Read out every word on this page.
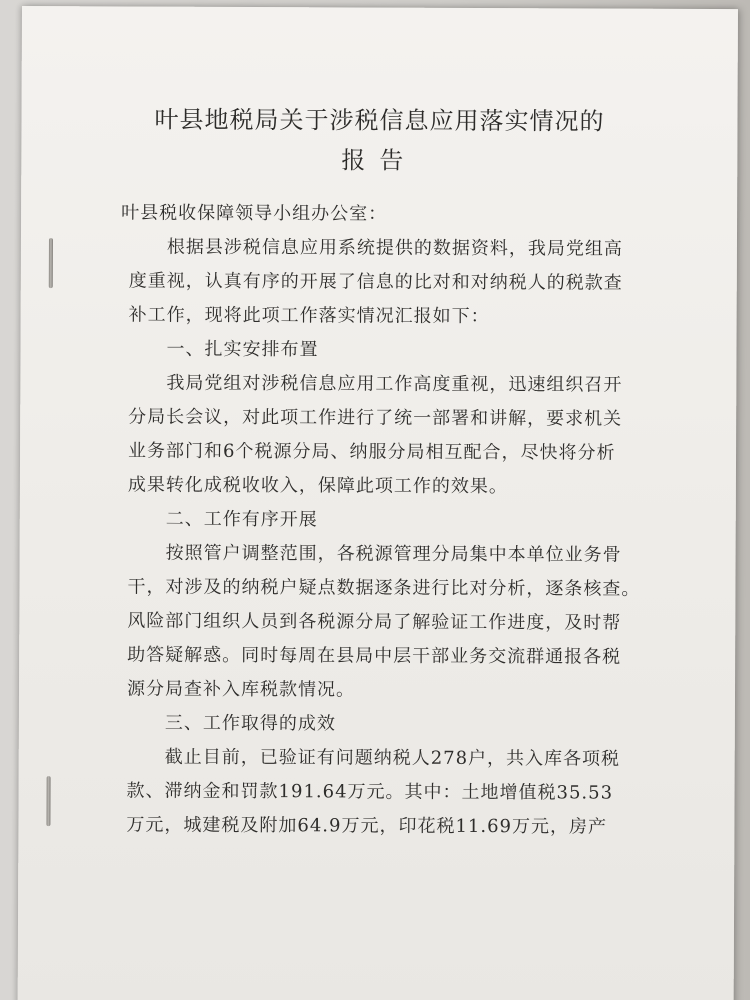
叶县地税局关于涉税信息应用落实情况的
报告
叶县税收保障领导小组办公室：
　　根据县涉税信息应用系统提供的数据资料，我局党组高
度重视，认真有序的开展了信息的比对和对纳税人的税款查
补工作，现将此项工作落实情况汇报如下：
　　一、扎实安排布置
　　我局党组对涉税信息应用工作高度重视，迅速组织召开
分局长会议，对此项工作进行了统一部署和讲解，要求机关
业务部门和6个税源分局、纳服分局相互配合，尽快将分析
成果转化成税收收入，保障此项工作的效果。
　　二、工作有序开展
　　按照管户调整范围，各税源管理分局集中本单位业务骨
干，对涉及的纳税户疑点数据逐条进行比对分析，逐条核查。
风险部门组织人员到各税源分局了解验证工作进度，及时帮
助答疑解惑。同时每周在县局中层干部业务交流群通报各税
源分局查补入库税款情况。
　　三、工作取得的成效
　　截止目前，已验证有问题纳税人278户，共入库各项税
款、滞纳金和罚款191.64万元。其中：土地增值税35.53
万元，城建税及附加64.9万元，印花税11.69万元，房产
